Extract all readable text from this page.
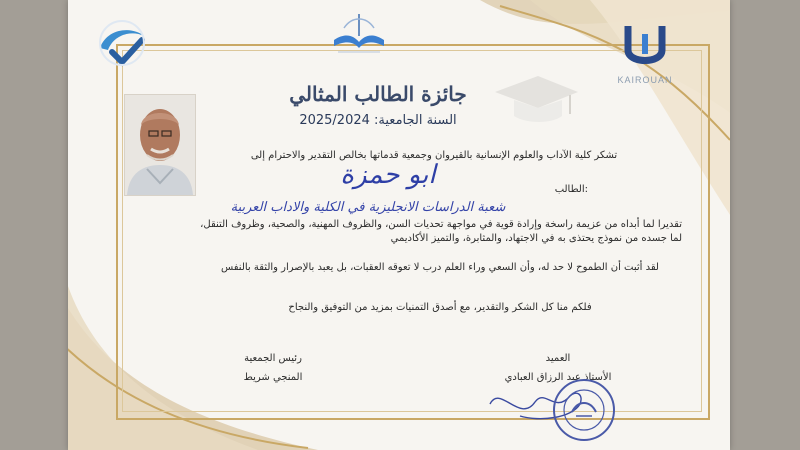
KAIROUAN
جائزة الطالب المثالي
السنة الجامعية: 2025/2024
تشكر كلية الآداب والعلوم الإنسانية بالقيروان وجمعية قدماتها بخالص التقدير والاحترام إلى
ابو حمزة	:الطالب
شعبة الدراسات الانجليزية في الكلية والاداب العربية
تقديرا لما أبداه من عزيمة راسخة وإرادة قوية في مواجهة تحديات السن، والظروف المهنية، والصحية، وظروف التنقل، لما جسده من نموذج يحتذى به في الاجتهاد، والمثابرة، والتميز الأكاديمي
لقد أثبت أن الطموح لا حد له، وأن السعي وراء العلم درب لا تعوقه العقبات، بل يعبد بالإصرار والثقة بالنفس
فلكم منا كل الشكر والتقدير، مع أصدق التمنيات بمزيد من التوفيق والنجاح
رئيس الجمعية
المنجي شريط
العميد
الأستاذ عبد الرزاق العبادي
